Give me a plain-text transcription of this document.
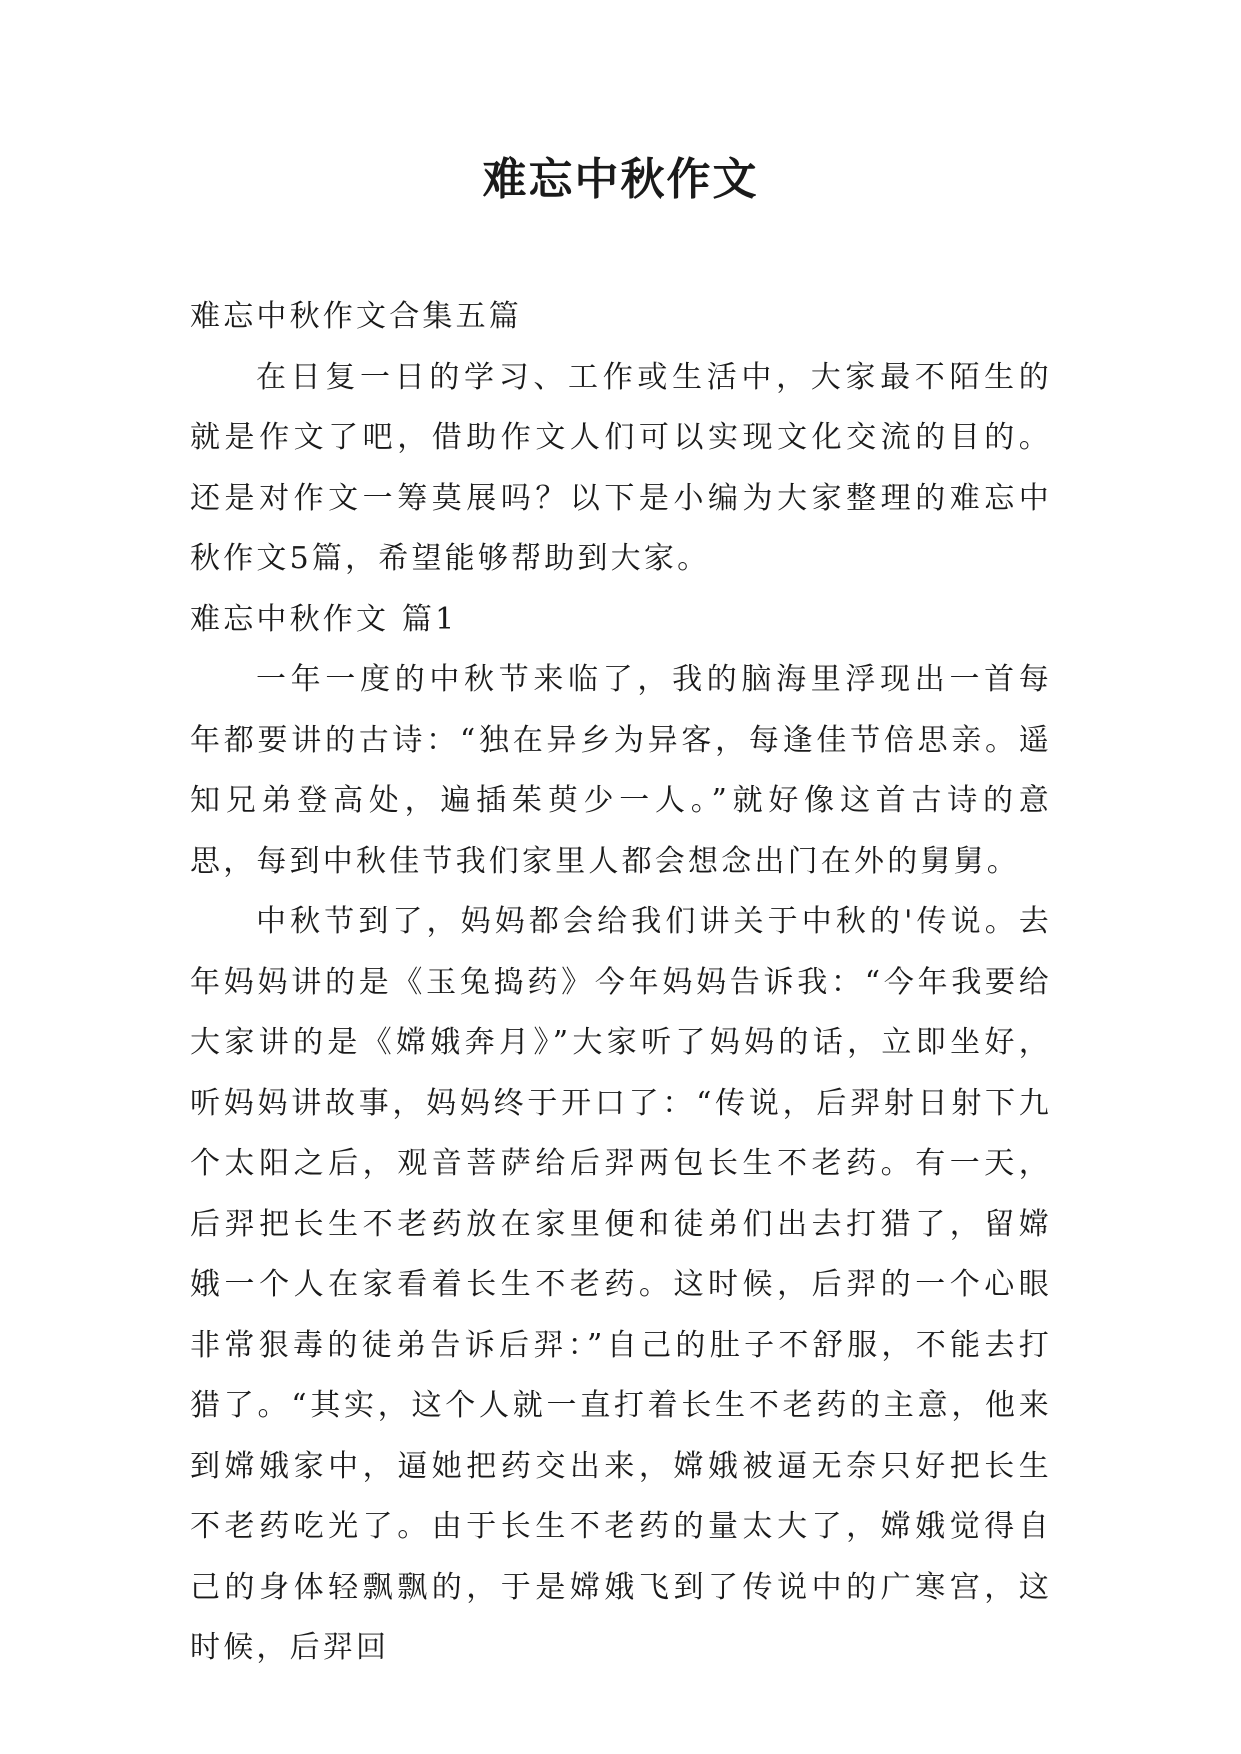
难忘中秋作文

难忘中秋作文合集五篇

在日复一日的学习、工作或生活中，大家最不陌生的就是作文了吧，借助作文人们可以实现文化交流的目的。还是对作文一筹莫展吗？以下是小编为大家整理的难忘中秋作文5篇，希望能够帮助到大家。

难忘中秋作文 篇1

一年一度的中秋节来临了，我的脑海里浮现出一首每年都要讲的古诗：“独在异乡为异客，每逢佳节倍思亲。遥知兄弟登高处，遍插茱萸少一人。”就好像这首古诗的意思，每到中秋佳节我们家里人都会想念出门在外的舅舅。

中秋节到了，妈妈都会给我们讲关于中秋的'传说。去年妈妈讲的是《玉兔捣药》今年妈妈告诉我：“今年我要给大家讲的是《嫦娥奔月》”大家听了妈妈的话，立即坐好，听妈妈讲故事，妈妈终于开口了：“传说，后羿射日射下九个太阳之后，观音菩萨给后羿两包长生不老药。有一天，后羿把长生不老药放在家里便和徒弟们出去打猎了，留嫦娥一个人在家看着长生不老药。这时候，后羿的一个心眼非常狠毒的徒弟告诉后羿：”自己的肚子不舒服，不能去打猎了。“其实，这个人就一直打着长生不老药的主意，他来到嫦娥家中，逼她把药交出来，嫦娥被逼无奈只好把长生不老药吃光了。由于长生不老药的量太大了，嫦娥觉得自己的身体轻飘飘的，于是嫦娥飞到了传说中的广寒宫，这时候，后羿回
